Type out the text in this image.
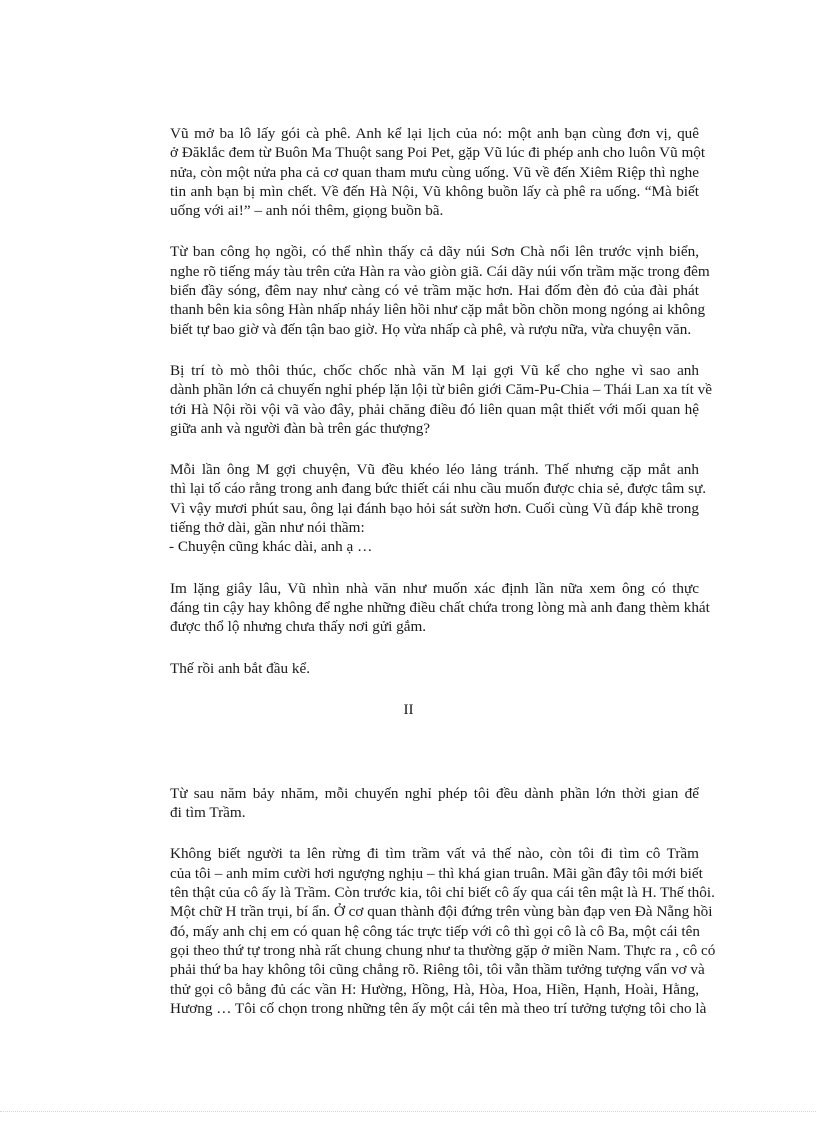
Vũ mở ba lô lấy gói cà phê. Anh kể lại lịch của nó: một anh bạn cùng đơn vị, quê
ở Đăklắc đem từ Buôn Ma Thuột sang Poi Pet, gặp Vũ lúc đi phép anh cho luôn Vũ một
nửa, còn một nửa pha cả cơ quan tham mưu cùng uống. Vũ về đến Xiêm Riệp thì nghe
tin anh bạn bị mìn chết. Về đến Hà Nội, Vũ không buồn lấy cà phê ra uống. “Mà biết
uống với ai!” – anh nói thêm, giọng buồn bã.

Từ ban công họ ngồi, có thể nhìn thấy cả dãy núi Sơn Chà nổi lên trước vịnh biển,
nghe rõ tiếng máy tàu trên cửa Hàn ra vào giòn giã. Cái dãy núi vốn trầm mặc trong đêm
biển đầy sóng, đêm nay như càng có vẻ trầm mặc hơn. Hai đốm đèn đỏ của đài phát
thanh bên kia sông Hàn nhấp nháy liên hồi như cặp mắt bồn chồn mong ngóng ai không
biết tự bao giờ và đến tận bao giờ. Họ vừa nhấp cà phê, và rượu nữa, vừa chuyện văn.

Bị trí tò mò thôi thúc, chốc chốc nhà văn M lại gợi Vũ kể cho nghe vì sao anh
dành phần lớn cả chuyến nghỉ phép lặn lội từ biên giới Căm-Pu-Chia – Thái Lan xa tít về
tới Hà Nội rồi vội vã vào đây, phải chăng điều đó liên quan mật thiết với mối quan hệ
giữa anh và người đàn bà trên gác thượng?

Mỗi lần ông M gợi chuyện, Vũ đều khéo léo lảng tránh. Thế nhưng cặp mắt anh
thì lại tố cáo rằng trong anh đang bức thiết cái nhu cầu muốn được chia sẻ, được tâm sự.
Vì vậy mươi phút sau, ông lại đánh bạo hỏi sát sườn hơn. Cuối cùng Vũ đáp khẽ trong
tiếng thở dài, gần như nói thầm:

- Chuyện cũng khác dài, anh ạ …

Im lặng giây lâu, Vũ nhìn nhà văn như muốn xác định lần nữa xem ông có thực
đáng tin cậy hay không để nghe những điều chất chứa trong lòng mà anh đang thèm khát
được thổ lộ nhưng chưa thấy nơi gửi gắm.

Thế rồi anh bắt đầu kể.

II

Từ sau năm bảy nhăm, mỗi chuyến nghỉ phép tôi đều dành phần lớn thời gian để
đi tìm Trầm.

Không biết người ta lên rừng đi tìm trầm vất vả thế nào, còn tôi đi tìm cô Trầm
của tôi – anh mỉm cười hơi ngượng nghịu – thì khá gian truân. Mãi gần đây tôi mới biết
tên thật của cô ấy là Trầm. Còn trước kia, tôi chỉ biết cô ấy qua cái tên mật là H. Thế thôi.
Một chữ H trần trụi, bí ẩn. Ở cơ quan thành đội đứng trên vùng bàn đạp ven Đà Nẵng hồi
đó, mấy anh chị em có quan hệ công tác trực tiếp với cô thì gọi cô là cô Ba, một cái tên
gọi theo thứ tự trong nhà rất chung chung như ta thường gặp ở miền Nam. Thực ra , cô có
phải thứ ba hay không tôi cũng chẳng rõ. Riêng tôi, tôi vẫn thầm tưởng tượng vẩn vơ và
thử gọi cô bằng đủ các vần H: Hường, Hồng, Hà, Hòa, Hoa, Hiền, Hạnh, Hoài, Hằng,
Hương … Tôi cố chọn trong những tên ấy một cái tên mà theo trí tưởng tượng tôi cho là
